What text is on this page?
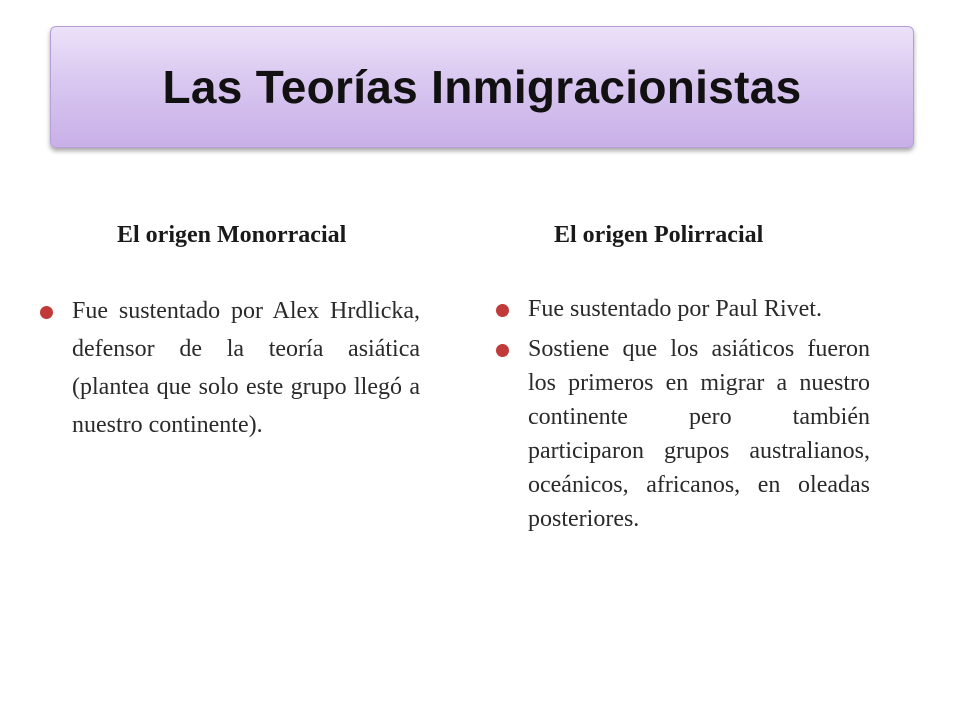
Las Teorías Inmigracionistas
El origen Monorracial	El origen Polirracial
Fue sustentado por Alex Hrdlicka, defensor de la teoría asiática (plantea que solo este grupo llegó a nuestro continente).
Fue sustentado por Paul Rivet.
Sostiene que los asiáticos fueron los primeros en migrar a nuestro continente pero también participaron grupos australianos, oceánicos, africanos, en oleadas posteriores.
